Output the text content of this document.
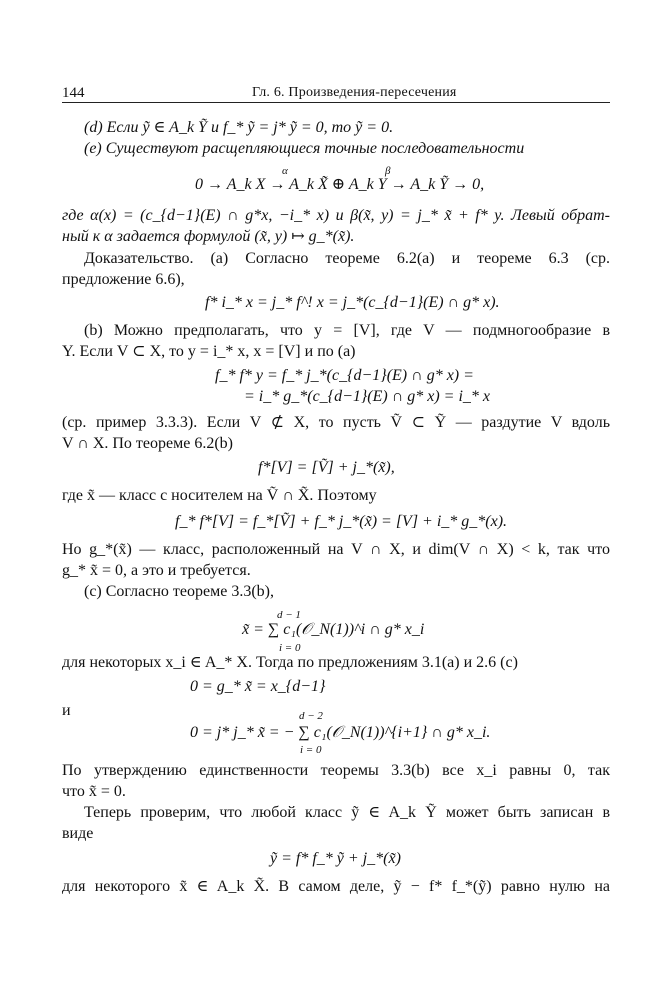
144	Гл. 6. Произведения-пересечения
(d) Если ỹ ∈ A_k Ỹ и f_* ỹ = j* ỹ = 0, то ỹ = 0.
(e) Существуют расщепляющиеся точные последовательности
α	β
0 → A_k X → A_k X̃ ⊕ A_k Y → A_k Ỹ → 0,
где α(x) = (c_{d−1}(E) ∩ g*x, −i_* x) и β(x̃, y) = j_* x̃ + f* y. Левый обрат-
ный к α задается формулой (x̃, y) ↦ g_*(x̃).
Доказательство. (a) Согласно теореме 6.2(a) и теореме 6.3 (ср.
предложение 6.6),
f* i_* x = j_* f^! x = j_*(c_{d−1}(E) ∩ g* x).
(b) Можно предполагать, что y = [V], где V — подмногообразие в
Y. Если V ⊂ X, то y = i_* x, x = [V] и по (a)
f_* f* y = f_* j_*(c_{d−1}(E) ∩ g* x) =
= i_* g_*(c_{d−1}(E) ∩ g* x) = i_* x
(ср. пример 3.3.3). Если V ⊄ X, то пусть Ṽ ⊂ Ỹ — раздутие V вдоль
V ∩ X. По теореме 6.2(b)
f*[V] = [Ṽ] + j_*(x̃),
где x̃ — класс с носителем на Ṽ ∩ X̃. Поэтому
f_* f*[V] = f_*[Ṽ] + f_* j_*(x̃) = [V] + i_* g_*(x).
Но g_*(x̃) — класс, расположенный на V ∩ X, и dim(V ∩ X) < k, так что
g_* x̃ = 0, а это и требуется.
(c) Согласно теореме 3.3(b),
d − 1
x̃ = ∑ c₁(𝒪_N(1))^i ∩ g* x_i
i = 0
для некоторых x_i ∈ A_* X. Тогда по предложениям 3.1(a) и 2.6 (c)
0 = g_* x̃ = x_{d−1}
и	d − 2
0 = j* j_* x̃ = − ∑ c₁(𝒪_N(1))^{i+1} ∩ g* x_i.
i = 0
По утверждению единственности теоремы 3.3(b) все x_i равны 0, так
что x̃ = 0.
Теперь проверим, что любой класс ỹ ∈ A_k Ỹ может быть записан в
виде
ỹ = f* f_* ỹ + j_*(x̃)
для некоторого x̃ ∈ A_k X̃. В самом деле, ỹ − f* f_*(ỹ) равно нулю на
